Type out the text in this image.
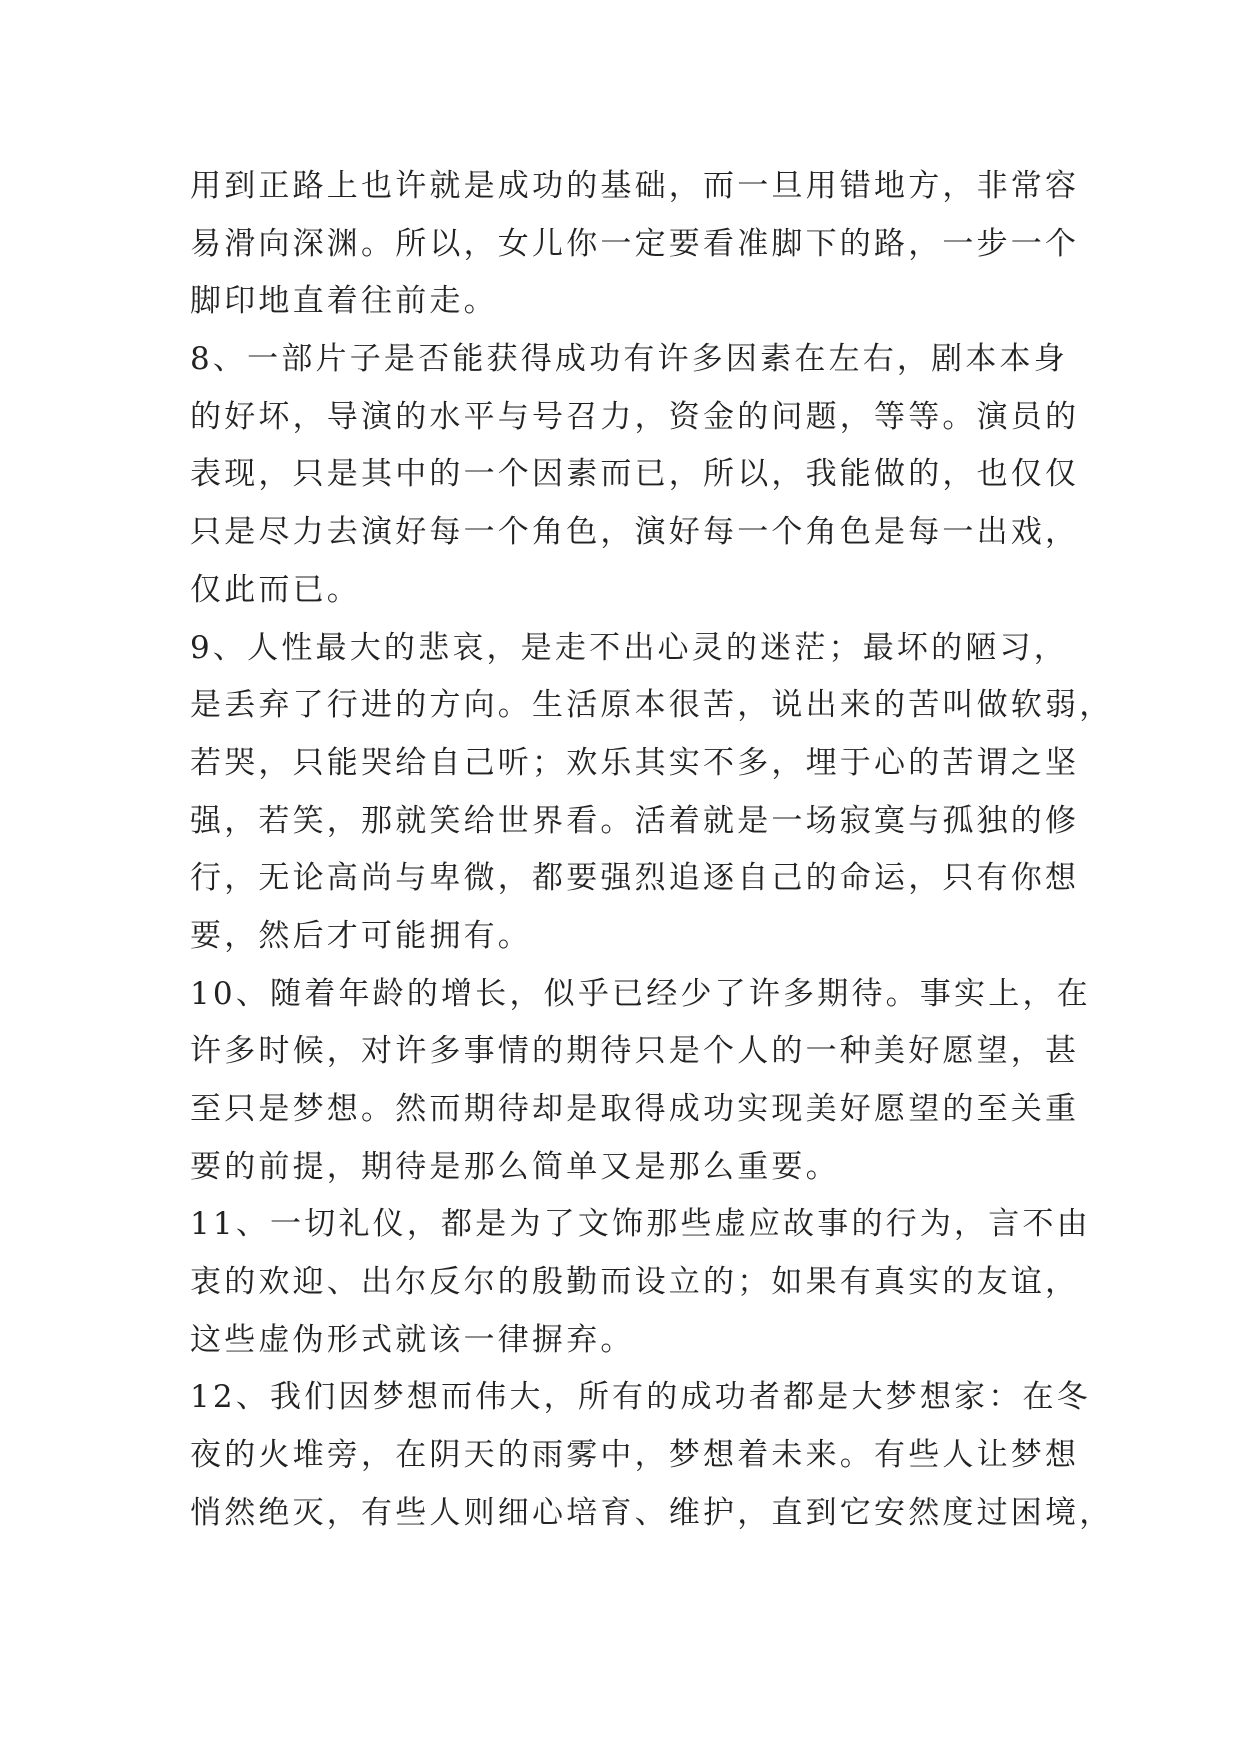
用到正路上也许就是成功的基础，而一旦用错地方，非常容
易滑向深渊。所以，女儿你一定要看准脚下的路，一步一个
脚印地直着往前走。
8、一部片子是否能获得成功有许多因素在左右，剧本本身
的好坏，导演的水平与号召力，资金的问题，等等。演员的
表现，只是其中的一个因素而已，所以，我能做的，也仅仅
只是尽力去演好每一个角色，演好每一个角色是每一出戏，
仅此而已。
9、人性最大的悲哀，是走不出心灵的迷茫；最坏的陋习，
是丢弃了行进的方向。生活原本很苦，说出来的苦叫做软弱，
若哭，只能哭给自己听；欢乐其实不多，埋于心的苦谓之坚
强，若笑，那就笑给世界看。活着就是一场寂寞与孤独的修
行，无论高尚与卑微，都要强烈追逐自己的命运，只有你想
要，然后才可能拥有。
10、随着年龄的增长，似乎已经少了许多期待。事实上，在
许多时候，对许多事情的期待只是个人的一种美好愿望，甚
至只是梦想。然而期待却是取得成功实现美好愿望的至关重
要的前提，期待是那么简单又是那么重要。
11、一切礼仪，都是为了文饰那些虚应故事的行为，言不由
衷的欢迎、出尔反尔的殷勤而设立的；如果有真实的友谊，
这些虚伪形式就该一律摒弃。
12、我们因梦想而伟大，所有的成功者都是大梦想家：在冬
夜的火堆旁，在阴天的雨雾中，梦想着未来。有些人让梦想
悄然绝灭，有些人则细心培育、维护，直到它安然度过困境，
